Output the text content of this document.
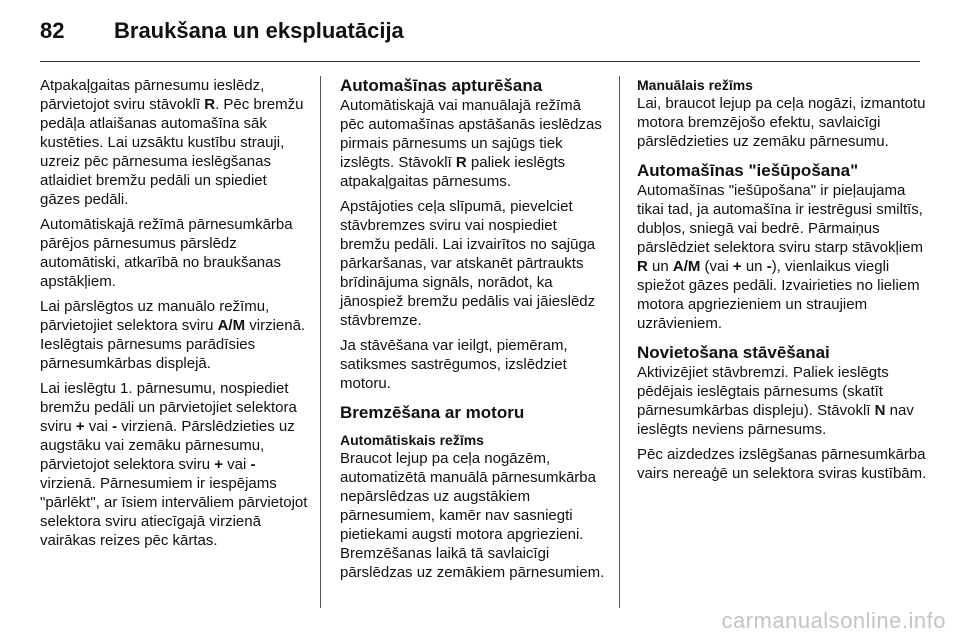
82 Braukšana un ekspluatācija

Atpakaļgaitas pārnesumu ieslēdz, pārvietojot sviru stāvoklī R. Pēc bremžu pedāļa atlaišanas automašīna sāk kustēties. Lai uzsāktu kustību strauji, uzreiz pēc pārnesuma ieslēgšanas atlaidiet bremžu pedāli un spiediet gāzes pedāli.

Automātiskajā režīmā pārnesumkārba pārējos pārnesumus pārslēdz automātiski, atkarībā no braukšanas apstākļiem.

Lai pārslēgtos uz manuālo režīmu, pārvietojiet selektora sviru A/M virzienā. Ieslēgtais pārnesums parādīsies pārnesumkārbas displejā.

Lai ieslēgtu 1. pārnesumu, nospiediet bremžu pedāli un pārvietojiet selektora sviru + vai - virzienā. Pārslēdzieties uz augstāku vai zemāku pārnesumu, pārvietojot selektora sviru + vai - virzienā. Pārnesumiem ir iespējams "pārlēkt", ar īsiem intervāliem pārvietojot selektora sviru atiecīgajā virzienā vairākas reizes pēc kārtas.

Automašīnas apturēšana

Automātiskajā vai manuālajā režīmā pēc automašīnas apstāšanās ieslēdzas pirmais pārnesums un sajūgs tiek izslēgts. Stāvoklī R paliek ieslēgts atpakaļgaitas pārnesums.

Apstājoties ceļa slīpumā, pievelciet stāvbremzes sviru vai nospiediet bremžu pedāli. Lai izvairītos no sajūga pārkaršanas, var atskanēt pārtraukts brīdinājuma signāls, norādot, ka jānospiež bremžu pedālis vai jāieslēdz stāvbremze.

Ja stāvēšana var ieilgt, piemēram, satiksmes sastrēgumos, izslēdziet motoru.

Bremzēšana ar motoru
Automātiskais režīms

Braucot lejup pa ceļa nogāzēm, automatizētā manuālā pārnesumkārba nepārslēdzas uz augstākiem pārnesumiem, kamēr nav sasniegti pietiekami augsti motora apgriezieni. Bremzēšanas laikā tā savlaicīgi pārslēdzas uz zemākiem pārnesumiem.

Manuālais režīms

Lai, braucot lejup pa ceļa nogāzi, izmantotu motora bremzējošo efektu, savlaicīgi pārslēdzieties uz zemāku pārnesumu.

Automašīnas "iešūpošana"

Automašīnas "iešūpošana" ir pieļaujama tikai tad, ja automašīna ir iestrēgusi smiltīs, dubļos, sniegā vai bedrē. Pārmaiņus pārslēdziet selektora sviru starp stāvokļiem R un A/M (vai + un -), vienlaikus viegli spiežot gāzes pedāli. Izvairieties no lieliem motora apgriezieniem un straujiem uzrāvieniem.

Novietošana stāvēšanai

Aktivizējiet stāvbremzi. Paliek ieslēgts pēdējais ieslēgtais pārnesums (skatīt pārnesumkārbas displeju). Stāvoklī N nav ieslēgts neviens pārnesums.

Pēc aizdedzes izslēgšanas pārnesumkārba vairs nereaģē un selektora sviras kustībām.

carmanualsonline.info
